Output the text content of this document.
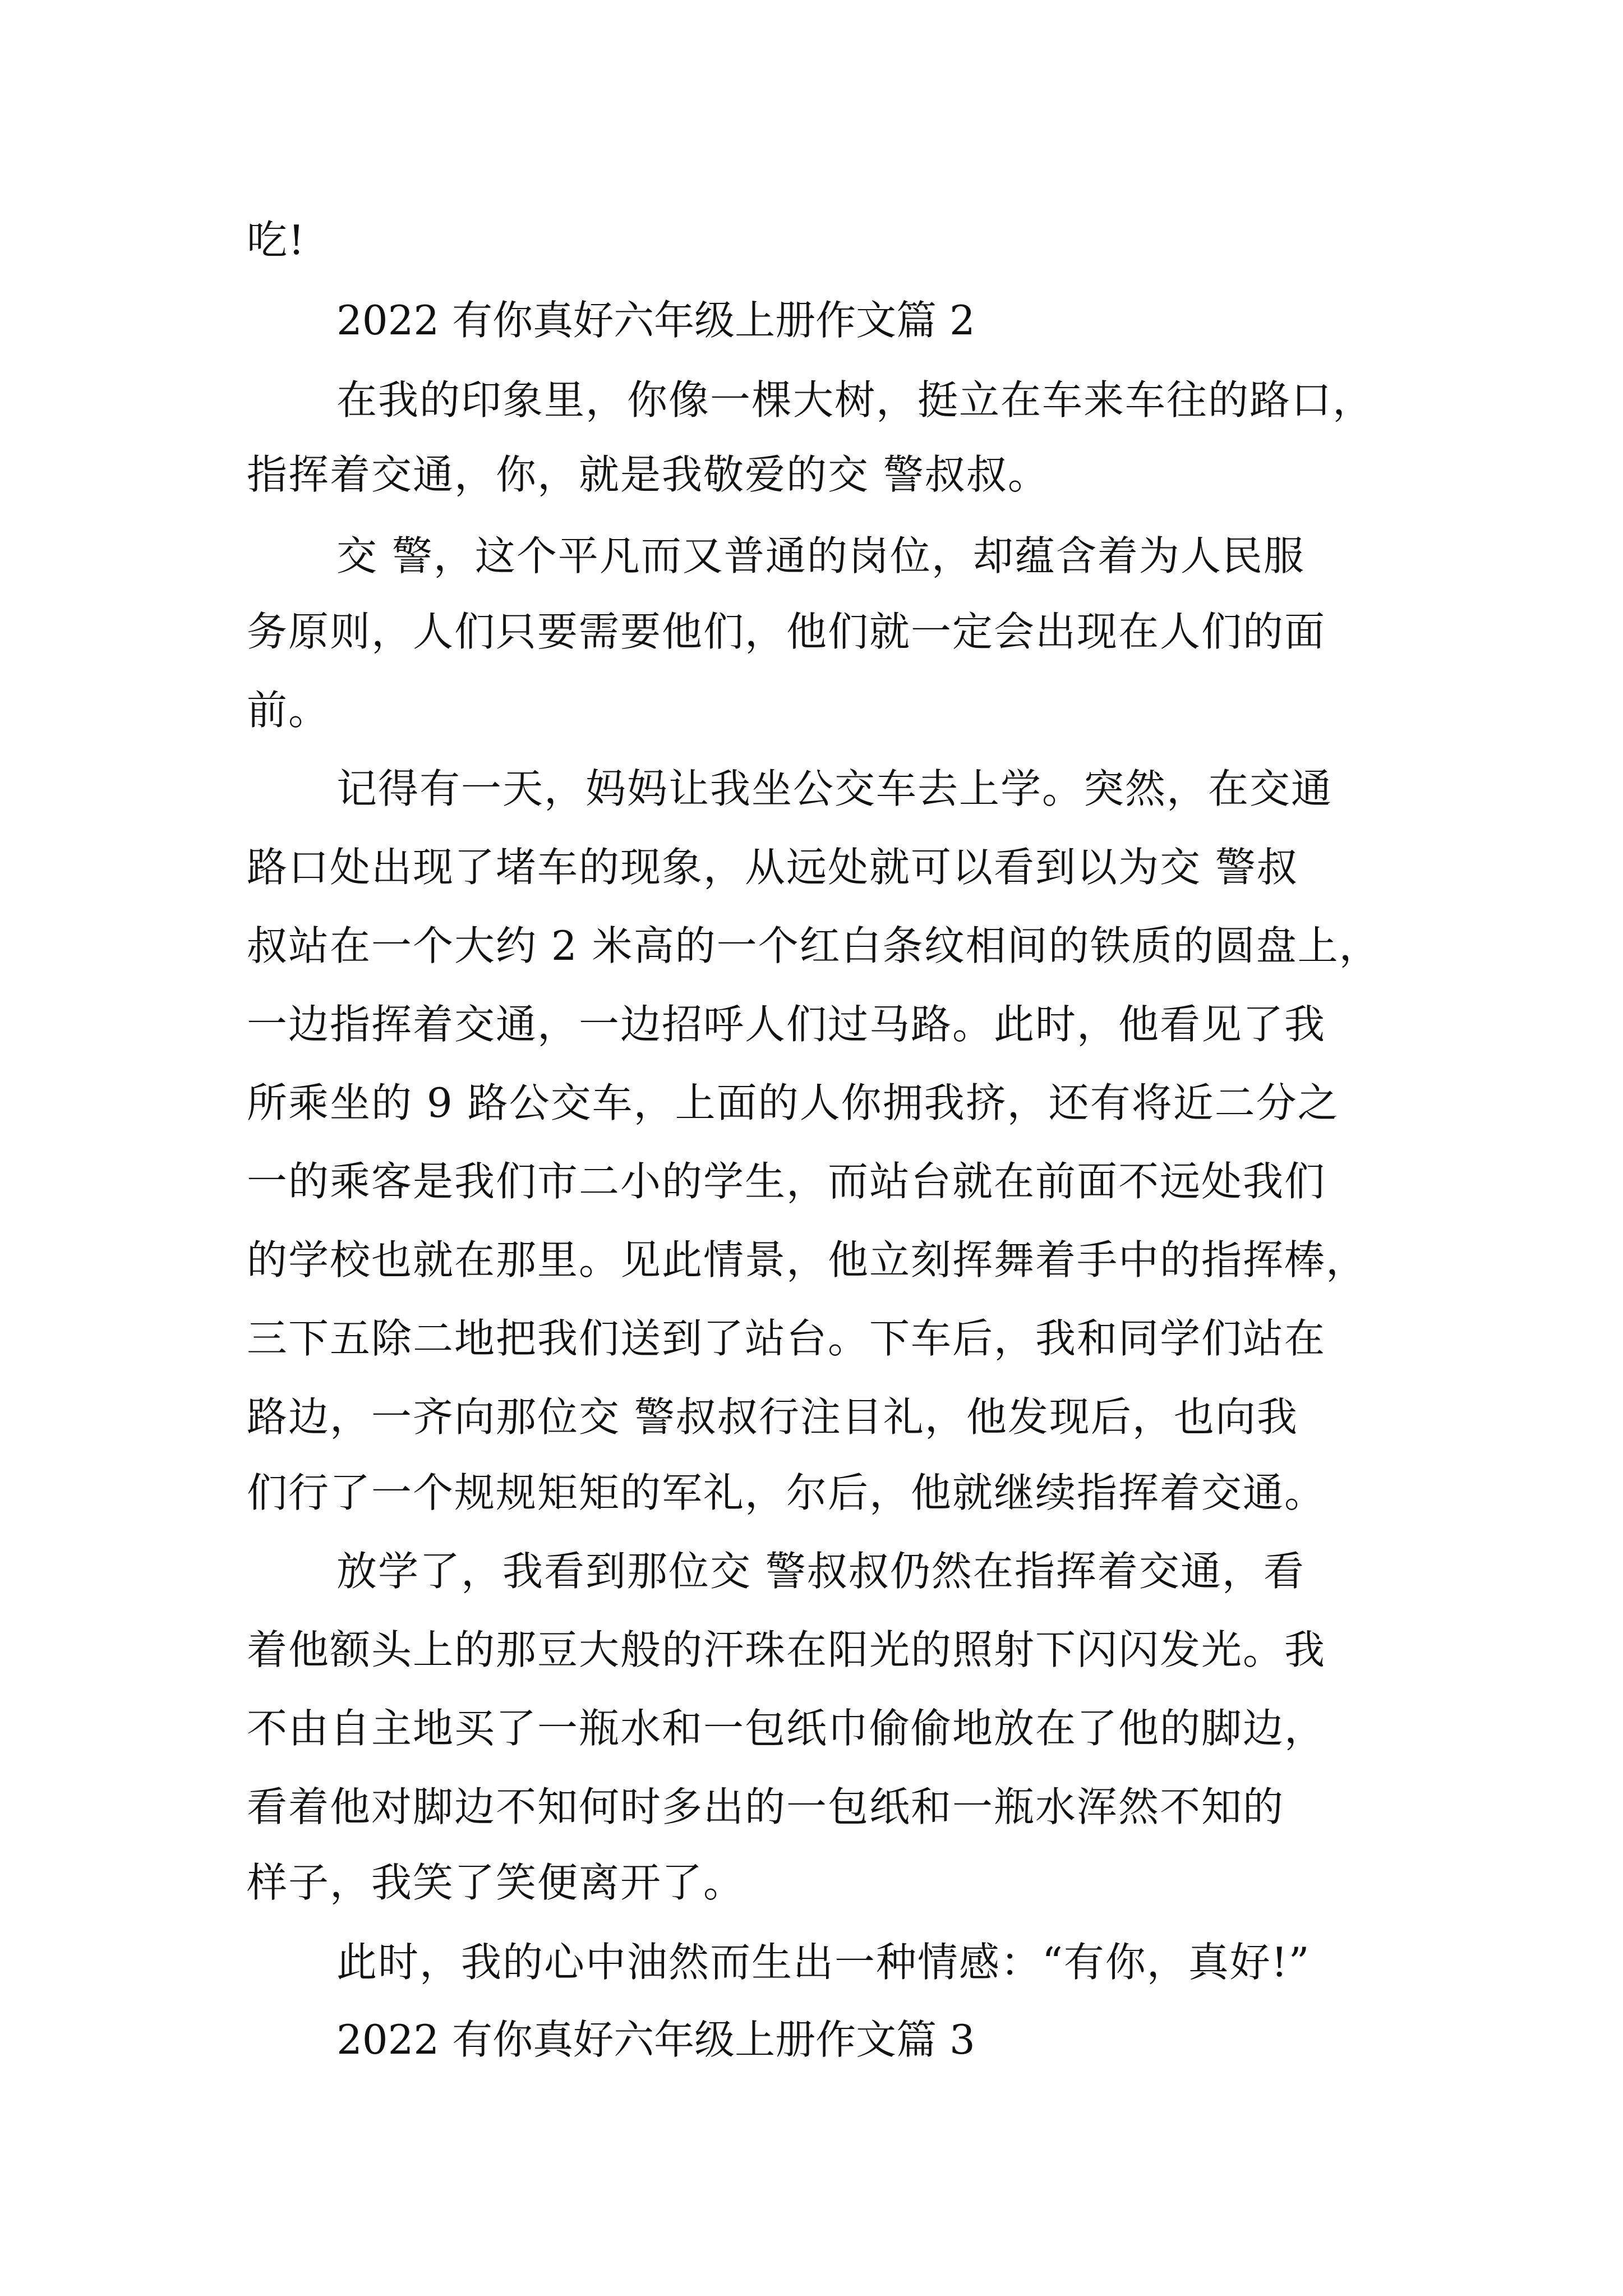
吃!
2022 有你真好六年级上册作文篇 2
在我的印象里，你像一棵大树，挺立在车来车往的路口，
指挥着交通，你，就是我敬爱的交 警叔叔。
交 警，这个平凡而又普通的岗位，却蕴含着为人民服
务原则，人们只要需要他们，他们就一定会出现在人们的面
前。
记得有一天，妈妈让我坐公交车去上学。突然，在交通
路口处出现了堵车的现象，从远处就可以看到以为交 警叔
叔站在一个大约 2 米高的一个红白条纹相间的铁质的圆盘上，
一边指挥着交通，一边招呼人们过马路。此时，他看见了我
所乘坐的 9 路公交车，上面的人你拥我挤，还有将近二分之
一的乘客是我们市二小的学生，而站台就在前面不远处我们
的学校也就在那里。见此情景，他立刻挥舞着手中的指挥棒，
三下五除二地把我们送到了站台。下车后，我和同学们站在
路边，一齐向那位交 警叔叔行注目礼，他发现后，也向我
们行了一个规规矩矩的军礼，尔后，他就继续指挥着交通。
放学了，我看到那位交 警叔叔仍然在指挥着交通，看
着他额头上的那豆大般的汗珠在阳光的照射下闪闪发光。我
不由自主地买了一瓶水和一包纸巾偷偷地放在了他的脚边，
看着他对脚边不知何时多出的一包纸和一瓶水浑然不知的
样子，我笑了笑便离开了。
此时，我的心中油然而生出一种情感：“有你，真好!”
2022 有你真好六年级上册作文篇 3
